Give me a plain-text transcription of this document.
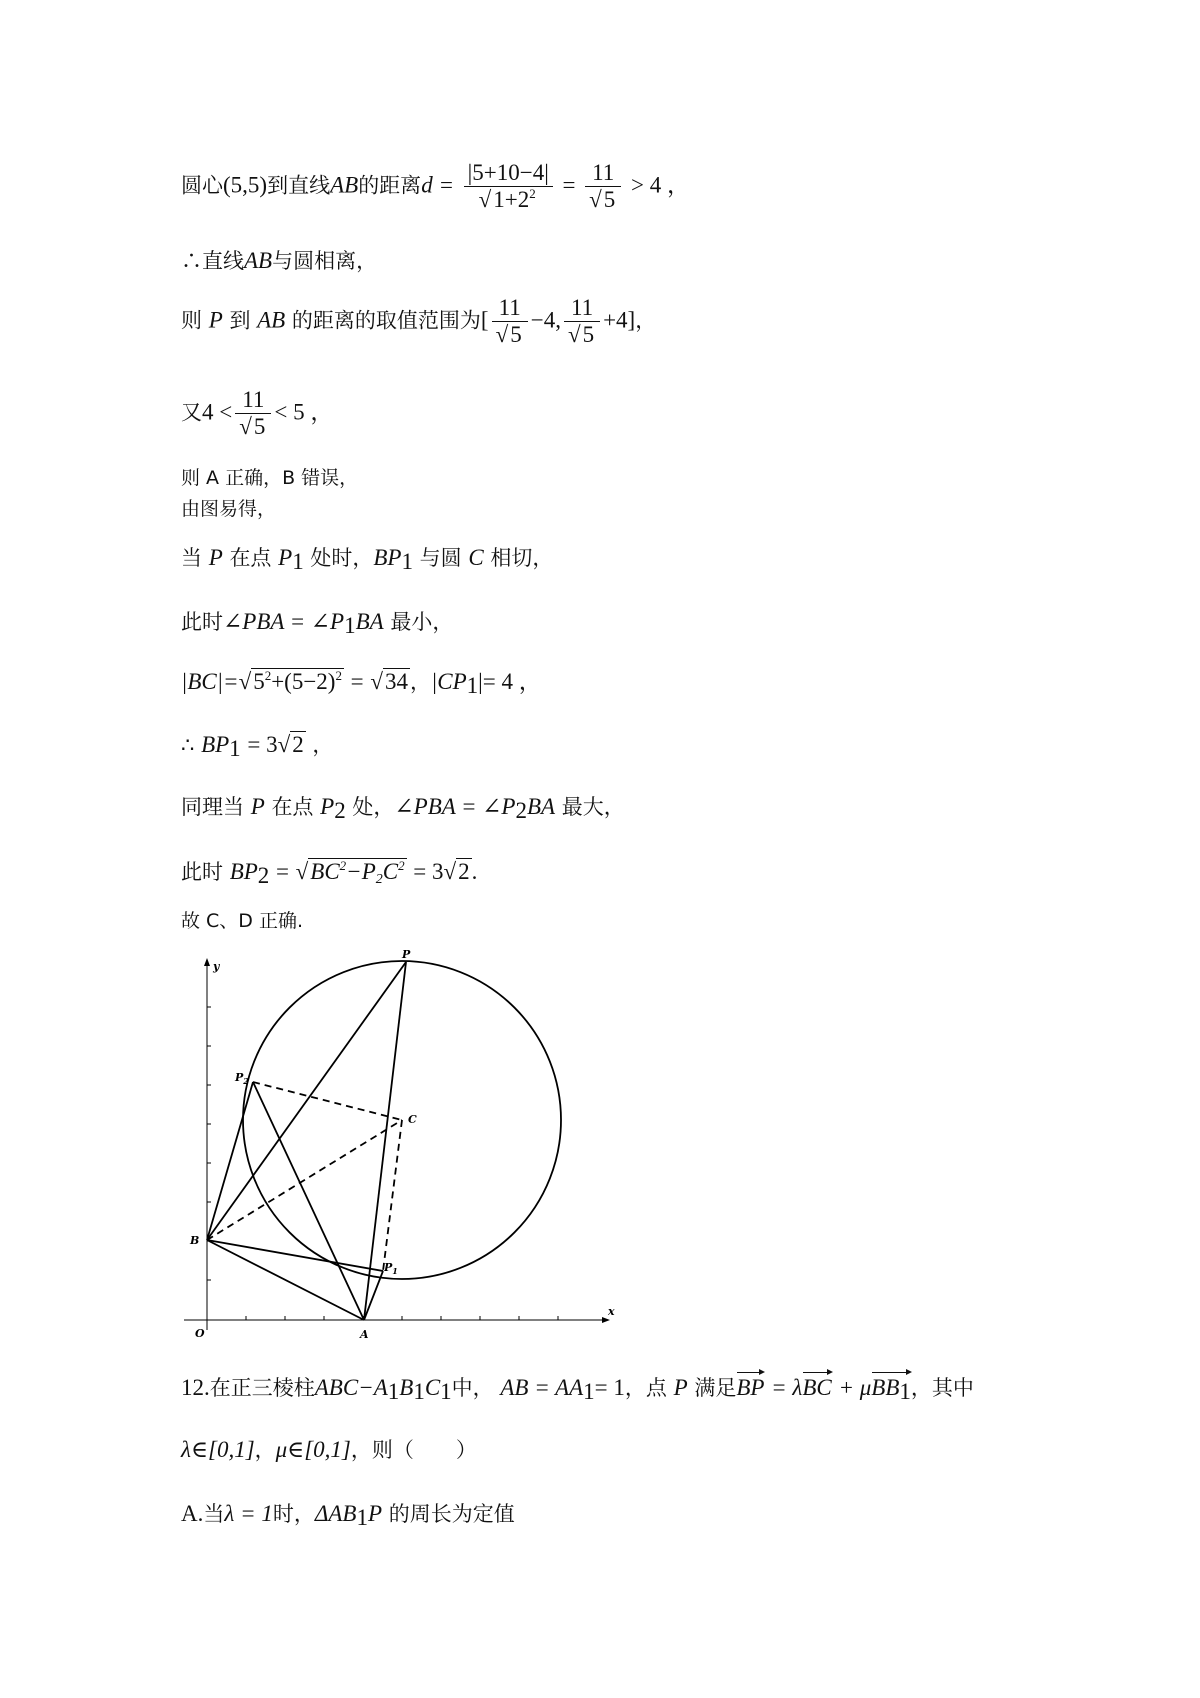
圆心(5,5)到直线AB的距离$d = \frac{|5+10-4|}{√1+2^2} = \frac{11}{√5} > 4$ ，
∴直线AB与圆相离，
则 P 到 AB 的距离的取值范围为[ $\frac{11}{√5} -4$, $\frac{11}{√5} +4$]，
又$4 < \frac{11}{√5} < 5$ ，
则 A 正确，B 错误，
由图易得，
当 P 在点 $P_1$ 处时，$BP_1$ 与圆 C 相切，
此时∠PBA = $\angle P_1BA$ 最小，
$|BC|=√5^2+(5-2)^2 = √34$，$|CP_1|= 4$ ，
∴ $BP_1 = 3√2$ ，
同理当 P 在点 $P_2$ 处，∠PBA = $\angle P_2BA$ 最大，
此时 $BP_2 = √BC^2-P_2C^2 = 3√2$.
故 C、D 正确.
y
x
O	A
B
C
P
$P_1$
$P_2$
12.在正三棱柱$ABC-A_1B_1C_1$中， AB = $AA_1= 1$，点 P 满足BP = λBC + μBB$_1$，其中
λ∈[0,1]，μ∈[0,1]，则（　　）
A.当λ = 1时，$\Delta AB_1P$ 的周长为定值
